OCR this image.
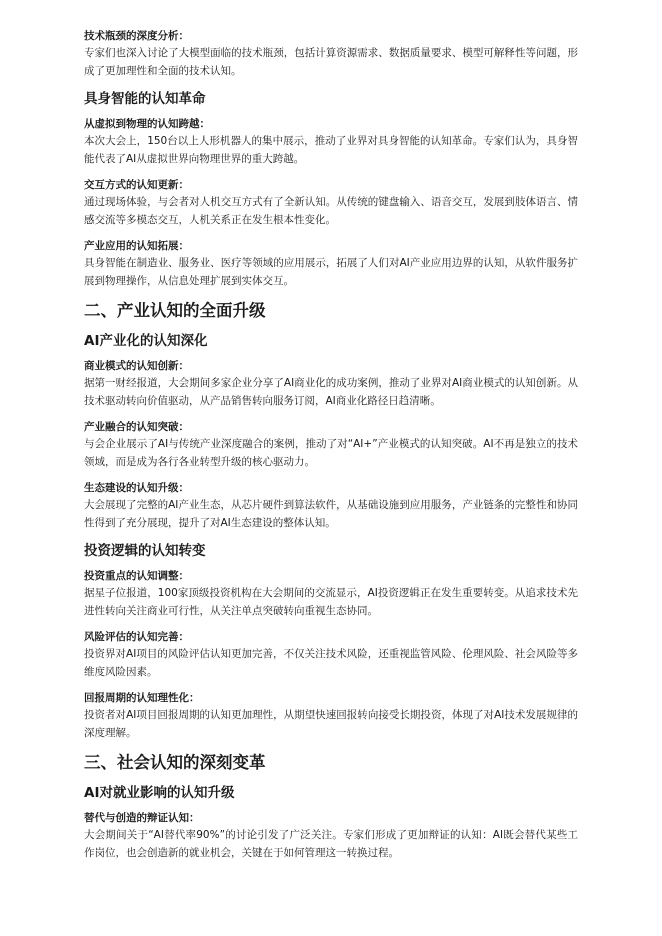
技术瓶颈的深度分析：

专家们也深入讨论了大模型面临的技术瓶颈，包括计算资源需求、数据质量要求、模型可解释性等问题，形成了更加理性和全面的技术认知。

具身智能的认知革命

从虚拟到物理的认知跨越：

本次大会上，150台以上人形机器人的集中展示，推动了业界对具身智能的认知革命。专家们认为，具身智能代表了AI从虚拟世界向物理世界的重大跨越。

交互方式的认知更新：

通过现场体验，与会者对人机交互方式有了全新认知。从传统的键盘输入、语音交互，发展到肢体语言、情感交流等多模态交互，人机关系正在发生根本性变化。

产业应用的认知拓展：

具身智能在制造业、服务业、医疗等领域的应用展示，拓展了人们对AI产业应用边界的认知，从软件服务扩展到物理操作，从信息处理扩展到实体交互。

二、产业认知的全面升级
AI产业化的认知深化

商业模式的认知创新：

据第一财经报道，大会期间多家企业分享了AI商业化的成功案例，推动了业界对AI商业模式的认知创新。从技术驱动转向价值驱动，从产品销售转向服务订阅，AI商业化路径日趋清晰。

产业融合的认知突破：

与会企业展示了AI与传统产业深度融合的案例，推动了对“AI+”产业模式的认知突破。AI不再是独立的技术领域，而是成为各行各业转型升级的核心驱动力。

生态建设的认知升级：

大会展现了完整的AI产业生态，从芯片硬件到算法软件，从基础设施到应用服务，产业链条的完整性和协同性得到了充分展现，提升了对AI生态建设的整体认知。

投资逻辑的认知转变

投资重点的认知调整：

据星子位报道，100家顶级投资机构在大会期间的交流显示，AI投资逻辑正在发生重要转变。从追求技术先进性转向关注商业可行性，从关注单点突破转向重视生态协同。

风险评估的认知完善：

投资界对AI项目的风险评估认知更加完善，不仅关注技术风险，还重视监管风险、伦理风险、社会风险等多维度风险因素。

回报周期的认知理性化：

投资者对AI项目回报周期的认知更加理性，从期望快速回报转向接受长期投资，体现了对AI技术发展规律的深度理解。

三、社会认知的深刻变革
AI对就业影响的认知升级

替代与创造的辩证认知：

大会期间关于“AI替代率90%”的讨论引发了广泛关注。专家们形成了更加辩证的认知：AI既会替代某些工作岗位，也会创造新的就业机会，关键在于如何管理这一转换过程。
